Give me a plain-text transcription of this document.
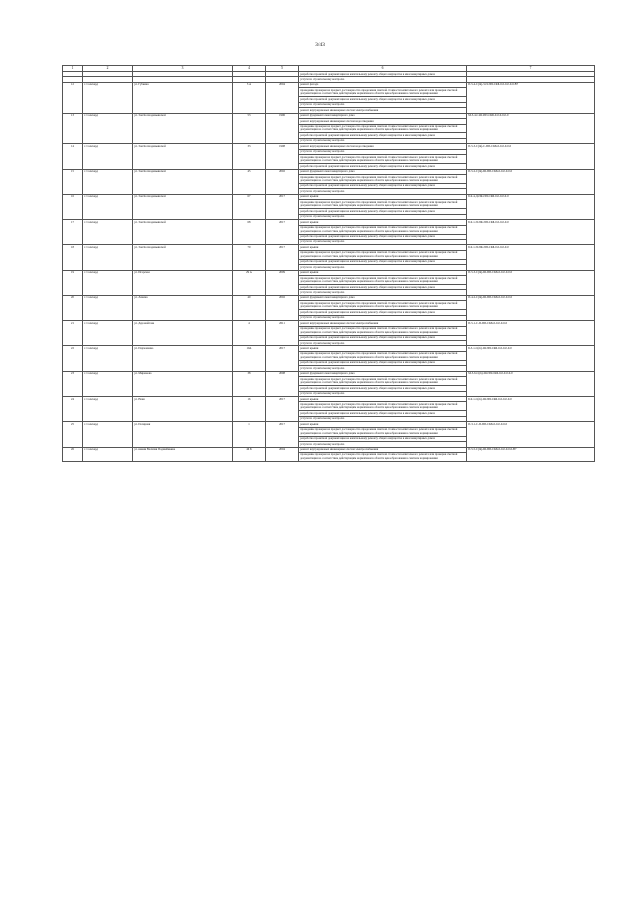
3/43
1	2	3	4	5	6	7
					разработка проектной документации на капитальному ремонту общего имущества в многоквартирных домах	
					услуги по строительному контролю	
12	г. Салехард	ул. Губкина	3 А	2004	ремонт фасада	П-5-4-C(m)-3-П-ПП-СКБ-0-0-0-0-0-0-В7
					проведение проверки на предмет достоверности определения сметной стоимости капитального ремонта или проверки сметной документации на соответствие действующим нормативам в области ценообразования в сметном нормировании	
					разработка проектной документации на капитальному ремонту общего имущества в многоквартирных домах	
					услуги по строительному контролю	
					ремонт внутридомовых инженерных систем электроснабжения	
13	г. Салехард	ул. Зои Космодемьянской	53	1996	ремонт фундамента многоквартирного дома	М-5-4-С-Ш-ПП-СКБ-0-0-0-0-0-0
					ремонт внутридомовых инженерных систем водоотведения	
					проведение проверки на предмет достоверности определения сметной стоимости капитального ремонта или проверки сметной документации на соответствие действующим нормативам в области ценообразования в сметном нормировании	
					разработка проектной документации на капитальному ремонту общего имущества в многоквартирных домах	
					услуги по строительному контролю	
14	г. Салехард	ул. Зои Космодемьянской	33	1998	ремонт внутридомовых инженерных систем водоотведения	П-5-3-C(m)-С-ПП-СКБ-0-0-0-0-0-0
					услуги по строительному контролю	
					проведение проверки на предмет достоверности определения сметной стоимости капитального ремонта или проверки сметной документации на соответствие действующим нормативам в области ценообразования в сметном нормировании	
					разработка проектной документации на капитальному ремонту общего имущества в многоквартирных домах	
15	г. Салехард	ул. Зои Космодемьянской	45	2002	ремонт фундамента многоквартирного дома	П-5-2-С(m)-Ш-ПП-СКБ-0-0-0-0-0-0
					проведение проверки на предмет достоверности определения сметной стоимости капитального ремонта или проверки сметной документации на соответствие действующим нормативам в области ценообразования в сметном нормировании	
					разработка проектной документации на капитальному ремонту общего имущества в многоквартирных домах	
					услуги по строительному контролю	
16	г. Салехард	ул. Зои Космодемьянской	67	2017	ремонт крыши	Б-9-4-Д-ПК-ПП-СКБ-0-0-0-0-0-0
					проведение проверки на предмет достоверности определения сметной стоимости капитального ремонта или проверки сметной документации на соответствие действующим нормативам в области ценообразования в сметном нормировании	
					разработка проектной документации на капитальному ремонту общего имущества в многоквартирных домах	
					услуги по строительному контролю	
17	г. Салехард	ул. Зои Космодемьянской	68	2017	ремонт крыши	Б-9-1-П-ПК-ПП-СКБ-0-0-0-0-0-0
					проведение проверки на предмет достоверности определения сметной стоимости капитального ремонта или проверки сметной документации на соответствие действующим нормативам в области ценообразования в сметном нормировании	
					разработка проектной документации на капитальному ремонту общего имущества в многоквартирных домах	
					услуги по строительному контролю	
18	г. Салехард	ул. Зои Космодемьянской	70	2017	ремонт крыши	Б-9-1-П-ПК-ПП-СКБ-0-0-0-0-0-0
					проведение проверки на предмет достоверности определения сметной стоимости капитального ремонта или проверки сметной документации на соответствие действующим нормативам в области ценообразования в сметном нормировании	
					разработка проектной документации на капитальному ремонту общего имущества в многоквартирных домах	
					услуги по строительному контролю	
19	г. Салехард	ул. Игарская	29 А	2009	ремонт крыши	П-5-3-C(m)-Ш-ПП-СКБ-0-0-0-0-0-0
					проведение проверки на предмет достоверности определения сметной стоимости капитального ремонта или проверки сметной документации на соответствие действующим нормативам в области ценообразования в сметном нормировании	
					разработка проектной документации на капитальному ремонту общего имущества в многоквартирных домах	
					услуги по строительному контролю	
20	г. Салехард	ул. Ленина	40	2002	ремонт фундамента многоквартирного дома	П-4-2-C(m)-Ш-ПП-СКБ-0-0-0-0-0-0
					проведение проверки на предмет достоверности определения сметной стоимости капитального ремонта или проверки сметной документации на соответствие действующим нормативам в области ценообразования в сметном нормировании	
					разработка проектной документации на капитальному ремонту общего имущества в многоквартирных домах	
					услуги по строительному контролю	
21	г. Салехард	ул. Деровойтова	4	2011	ремонт внутридомовых инженерных систем электроснабжения	П-5-1-C-П-ПП-СКБ-0-0-0-0-0-0
					проведение проверки на предмет достоверности определения сметной стоимости капитального ремонта или проверки сметной документации на соответствие действующим нормативам в области ценообразования в сметном нормировании	
					разработка проектной документации на капитальному ремонту общего имущества в многоквартирных домах	
					услуги по строительному контролю	
22	г. Салехард	ул. Пархоменко	19А	2017	ремонт крыши	Б-3-1-C(m)-Ш-ПП-СКБ-0-0-0-0-0-0
					проведение проверки на предмет достоверности определения сметной стоимости капитального ремонта или проверки сметной документации на соответствие действующим нормативам в области ценообразования в сметном нормировании	
					разработка проектной документации на капитальному ремонту общего имущества в многоквартирных домах	
					услуги по строительному контролю	
23	г. Салехард	ул. Мирюкова	38	2008	ремонт фундамента многоквартирного дома	М-5-6-C(m)-Ш-ПП-СКБ-0-0-0-0-0-0
					проведение проверки на предмет достоверности определения сметной стоимости капитального ремонта или проверки сметной документации на соответствие действующим нормативам в области ценообразования в сметном нормировании	
					разработка проектной документации на капитальному ремонту общего имущества в многоквартирных домах	
					услуги по строительному контролю	
24	г. Салехард	ул. Неня	16	2017	ремонт крыши	Б-9-1-C(m)-Ш-ПП-СКБ-0-0-0-0-0-0
					проведение проверки на предмет достоверности определения сметной стоимости капитального ремонта или проверки сметной документации на соответствие действующим нормативам в области ценообразования в сметном нормировании	
					разработка проектной документации на капитальному ремонту общего имущества в многоквартирных домах	
					услуги по строительному контролю	
25	г. Салехард	ул. Полярная	1	2017	ремонт крыши	П-3-1-C-П-ПП-СКБ-0-0-0-0-0-0
					проведение проверки на предмет достоверности определения сметной стоимости капитального ремонта или проверки сметной документации на соответствие действующим нормативам в области ценообразования в сметном нормировании	
					разработка проектной документации на капитальному ремонту общего имущества в многоквартирных домах	
					услуги по строительному контролю	
26	г. Салехард	ул. имени Василия Подшибякина	46 Б	2004	ремонт внутридомовых инженерных систем электроснабжения	П-5-5-C(m)-Ш-ПП-СКБ-0-0-0-0-0-0-В7
					проведение проверки на предмет достоверности определения сметной стоимости капитального ремонта или проверки сметной документации на соответствие действующим нормативам в области ценообразования в сметном нормировании	
